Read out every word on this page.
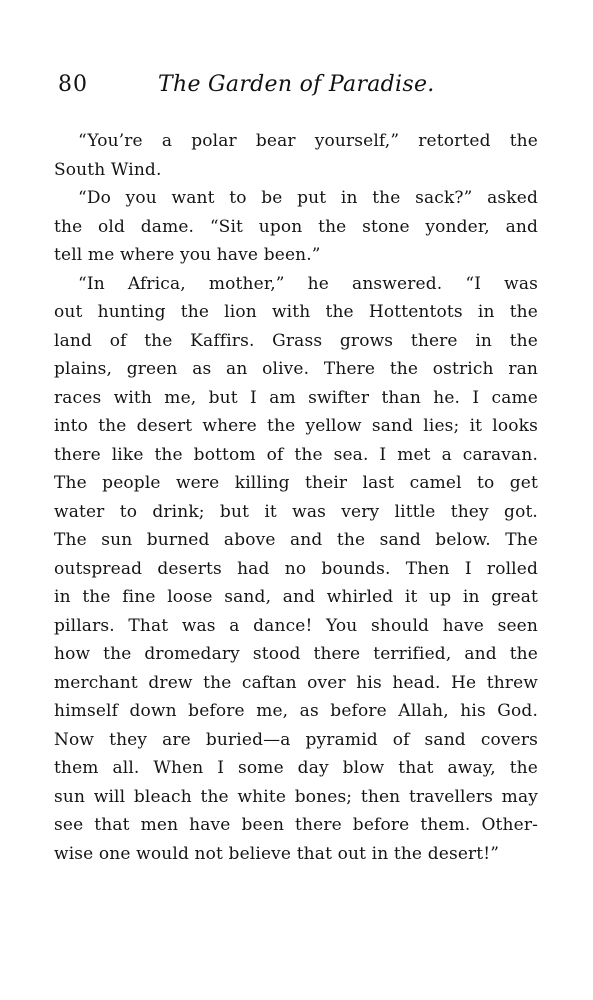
80	The Garden of Paradise.
“You’re a polar bear yourself,” retorted the
South Wind.
“Do you want to be put in the sack?” asked
the old dame. “Sit upon the stone yonder, and
tell me where you have been.”
“In Africa, mother,” he answered. “I was
out hunting the lion with the Hottentots in the
land of the Kaffirs. Grass grows there in the
plains, green as an olive. There the ostrich ran
races with me, but I am swifter than he. I came
into the desert where the yellow sand lies; it looks
there like the bottom of the sea. I met a caravan.
The people were killing their last camel to get
water to drink; but it was very little they got.
The sun burned above and the sand below. The
outspread deserts had no bounds. Then I rolled
in the fine loose sand, and whirled it up in great
pillars. That was a dance! You should have seen
how the dromedary stood there terrified, and the
merchant drew the caftan over his head. He threw
himself down before me, as before Allah, his God.
Now they are buried—a pyramid of sand covers
them all. When I some day blow that away, the
sun will bleach the white bones; then travellers may
see that men have been there before them. Other-
wise one would not believe that out in the desert!”
